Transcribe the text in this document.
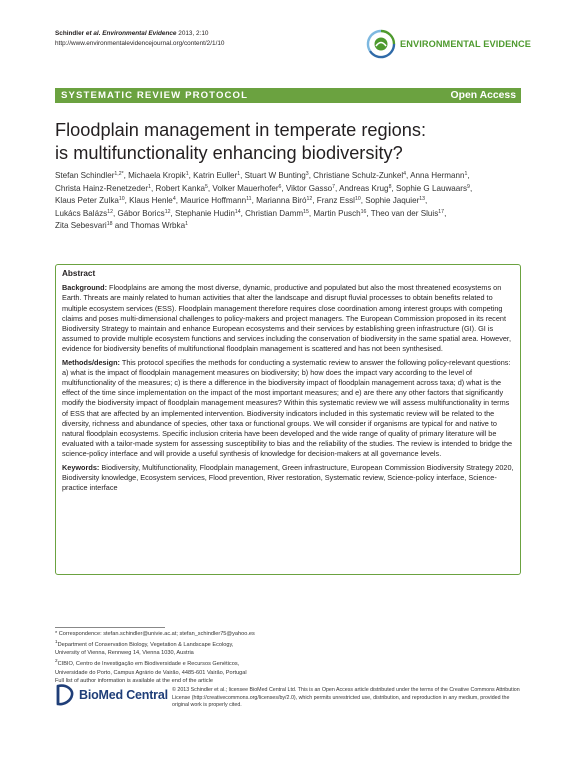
Schindler et al. Environmental Evidence 2013, 2:10
http://www.environmentalevidencejournal.org/content/2/1/10	ENVIRONMENTAL EVIDENCE
SYSTEMATIC REVIEW PROTOCOL	Open Access
Floodplain management in temperate regions:
is multifunctionality enhancing biodiversity?
Stefan Schindler$^{1,2*}$, Michaela Kropik$^1$, Katrin Euller$^1$, Stuart W Bunting$^3$, Christiane Schulz-Zunkel$^4$, Anna Hermann$^1$,
Christa Hainz-Renetzeder$^1$, Robert Kanka$^5$, Volker Mauerhofer$^6$, Viktor Gasso$^7$, Andreas Krug$^8$, Sophie G Lauwaars$^9$,
Klaus Peter Zulka$^{10}$, Klaus Henle$^4$, Maurice Hoffmann$^{11}$, Marianna Biró$^{12}$, Franz Essl$^{10}$, Sophie Jaquier$^{13}$,
Lukács Balázs$^{12}$, Gábor Borics$^{12}$, Stephanie Hudin$^{14}$, Christian Damm$^{15}$, Martin Pusch$^{16}$, Theo van der Sluis$^{17}$,
Zita Sebesvari$^{18}$ and Thomas Wrbka$^1$
Abstract

Background: Floodplains are among the most diverse, dynamic, productive and populated but also the most threatened ecosystems on Earth. Threats are mainly related to human activities that alter the landscape and disrupt fluvial processes to obtain benefits related to multiple ecosystem services (ESS). Floodplain management therefore requires close coordination among interest groups with competing claims and poses multi-dimensional challenges to policy-makers and project managers. The European Commission proposed in its recent Biodiversity Strategy to maintain and enhance European ecosystems and their services by establishing green infrastructure (GI). GI is assumed to provide multiple ecosystem functions and services including the conservation of biodiversity in the same spatial area. However, evidence for biodiversity benefits of multifunctional floodplain management is scattered and has not been synthesised.

Methods/design: This protocol specifies the methods for conducting a systematic review to answer the following policy-relevant questions: a) what is the impact of floodplain management measures on biodiversity; b) how does the impact vary according to the level of multifunctionality of the measures; c) is there a difference in the biodiversity impact of floodplain management across taxa; d) what is the effect of the time since implementation on the impact of the most important measures; and e) are there any other factors that significantly modify the biodiversity impact of floodplain management measures? Within this systematic review we will assess multifunctionality in terms of ESS that are affected by an implemented intervention. Biodiversity indicators included in this systematic review will be related to the diversity, richness and abundance of species, other taxa or functional groups. We will consider if organisms are typical for and native to natural floodplain ecosystems. Specific inclusion criteria have been developed and the wide range of quality of primary literature will be evaluated with a tailor-made system for assessing susceptibility to bias and the reliability of the studies. The review is intended to bridge the science-policy interface and will provide a useful synthesis of knowledge for decision-makers at all governance levels.

Keywords: Biodiversity, Multifunctionality, Floodplain management, Green infrastructure, European Commission Biodiversity Strategy 2020, Biodiversity knowledge, Ecosystem services, Flood prevention, River restoration, Systematic review, Science-policy interface, Science-practice interface

* Correspondence: stefan.schindler@univie.ac.at; stefan_schindler75@yahoo.es
$^1$Department of Conservation Biology, Vegetation & Landscape Ecology,
University of Vienna, Rennweg 14, Vienna 1030, Austria
$^2$CIBIO, Centro de Investigação em Biodiversidade e Recursos Genéticos,
Universidade do Porto, Campus Agrário de Vairão, 4485-601 Vairão, Portugal
Full list of author information is available at the end of the article
BioMed Central © 2013 Schindler et al.; licensee BioMed Central Ltd. This is an Open Access article distributed under the terms of the Creative Commons Attribution License (http://creativecommons.org/licenses/by/2.0), which permits unrestricted use, distribution, and reproduction in any medium, provided the original work is properly cited.
